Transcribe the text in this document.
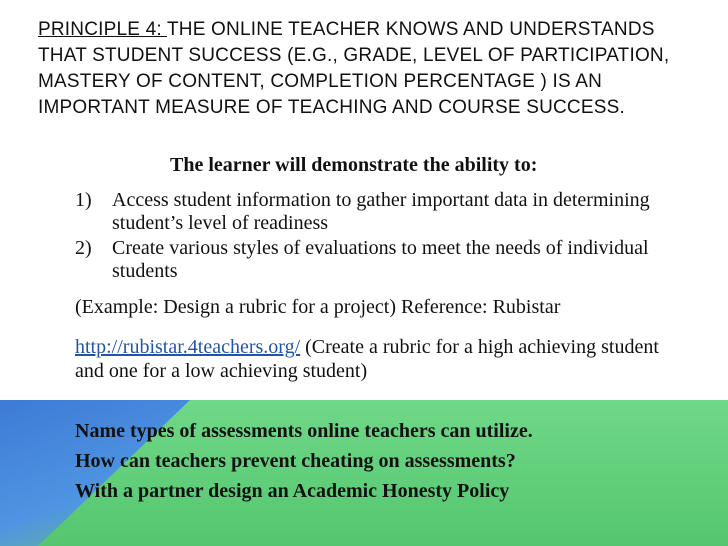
PRINCIPLE 4: THE ONLINE TEACHER KNOWS AND UNDERSTANDS THAT STUDENT SUCCESS (E.G., GRADE, LEVEL OF PARTICIPATION, MASTERY OF CONTENT, COMPLETION PERCENTAGE ) IS AN IMPORTANT MEASURE OF TEACHING AND COURSE SUCCESS.
The learner will demonstrate the ability to:
1) Access student information to gather important data in determining student’s level of readiness
2) Create various styles of evaluations to meet the needs of individual students
(Example: Design a rubric for a project) Reference: Rubistar
http://rubistar.4teachers.org/ (Create a rubric for a high achieving student and one for a low achieving student)
Name types of assessments online teachers can utilize.
How can teachers prevent cheating on assessments?
With a partner design an Academic Honesty Policy
